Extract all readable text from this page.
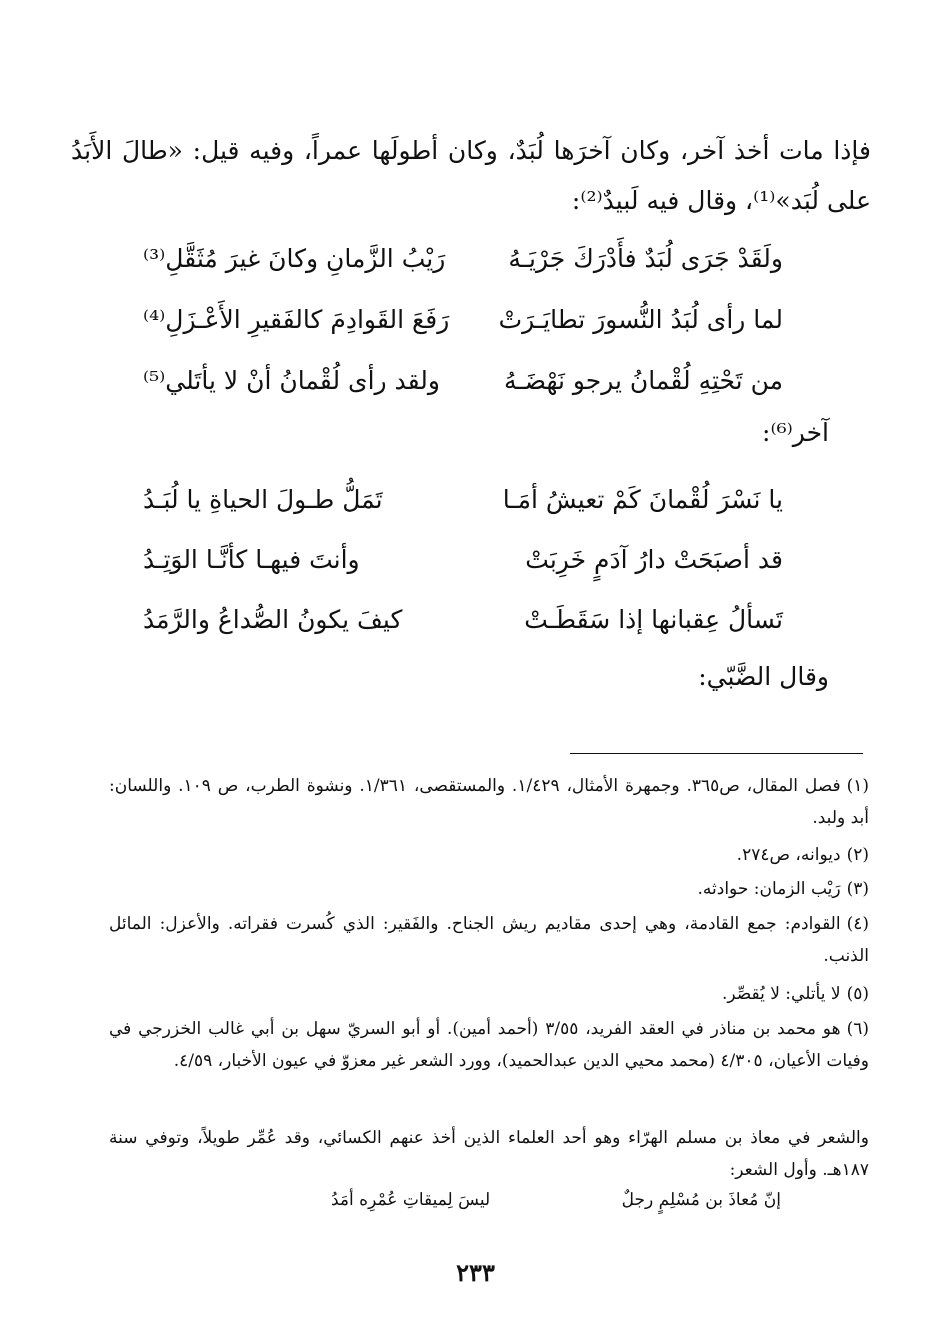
فإذا مات أخذ آخر، وكان آخرَها لُبَدٌ، وكان أطولَها عمراً، وفيه قيل: «طالَ الأَبَدُ على لُبَد»⁽¹⁾، وقال فيه لَبيدٌ⁽²⁾:
ولَقَدْ جَرَى لُبَدٌ فأَدْرَكَ جَرْيَـهُ
رَيْبُ الزَّمانِ وكانَ غيرَ مُثَقَّلِ⁽³⁾
لما رأى لُبَدُ النُّسورَ تطايَـرَتْ
رَفَعَ القَوادِمَ كالفَقيرِ الأَعْـزَلِ⁽⁴⁾
من تَحْتِهِ لُقْمانُ يرجو نَهْضَـهُ
ولقد رأى لُقْمانُ أنْ لا يأتَلي⁽⁵⁾
آخر⁽⁶⁾:
يا نَسْرَ لُقْمانَ كَمْ تعيشُ أمَـا
تَمَلُّ طـولَ الحياةِ يا لُبَـدُ
قد أصبَحَتْ دارُ آدَمٍ خَرِبَتْ
وأنتَ فيهـا كأنَّـا الوَتِـدُ
تَسألُ عِقبانها إذا سَقَطَـتْ
كيفَ يكونُ الصُّداعُ والرَّمَدُ
وقال الضَّبّي:
(١)فصل المقال، ص٣٦٥. وجمهرة الأمثال، ١/٤٢٩. والمستقصى، ١/٣٦١. ونشوة الطرب، ص ١٠٩. واللسان: أبد ولبد.
(٢)ديوانه، ص٢٧٤.
(٣)رَيْب الزمان: حوادثه.
(٤)القوادم: جمع القادمة، وهي إحدى مقاديم ريش الجناح. والفَقير: الذي كُسرت فقراته. والأعزل: المائل الذنب.
(٥)لا يأتلي: لا يُقصِّر.
(٦)هو محمد بن مناذر في العقد الفريد، ٣/٥٥ (أحمد أمين). أو أبو السريّ سهل بن أبي غالب الخزرجي في وفيات الأعيان، ٤/٣٠٥ (محمد محيي الدين عبدالحميد)، وورد الشعر غير معزوّ في عيون الأخبار، ٤/٥٩.
والشعر في معاذ بن مسلم الهرّاء وهو أحد العلماء الذين أخذ عنهم الكسائي، وقد عُمِّر طويلاً، وتوفي سنة ١٨٧هـ. وأول الشعر:
إنّ مُعاذَ بن مُسْلِمٍ رجلٌ
ليسَ لِميقاتِ عُمْرِه أمَدُ
٢٣٣
